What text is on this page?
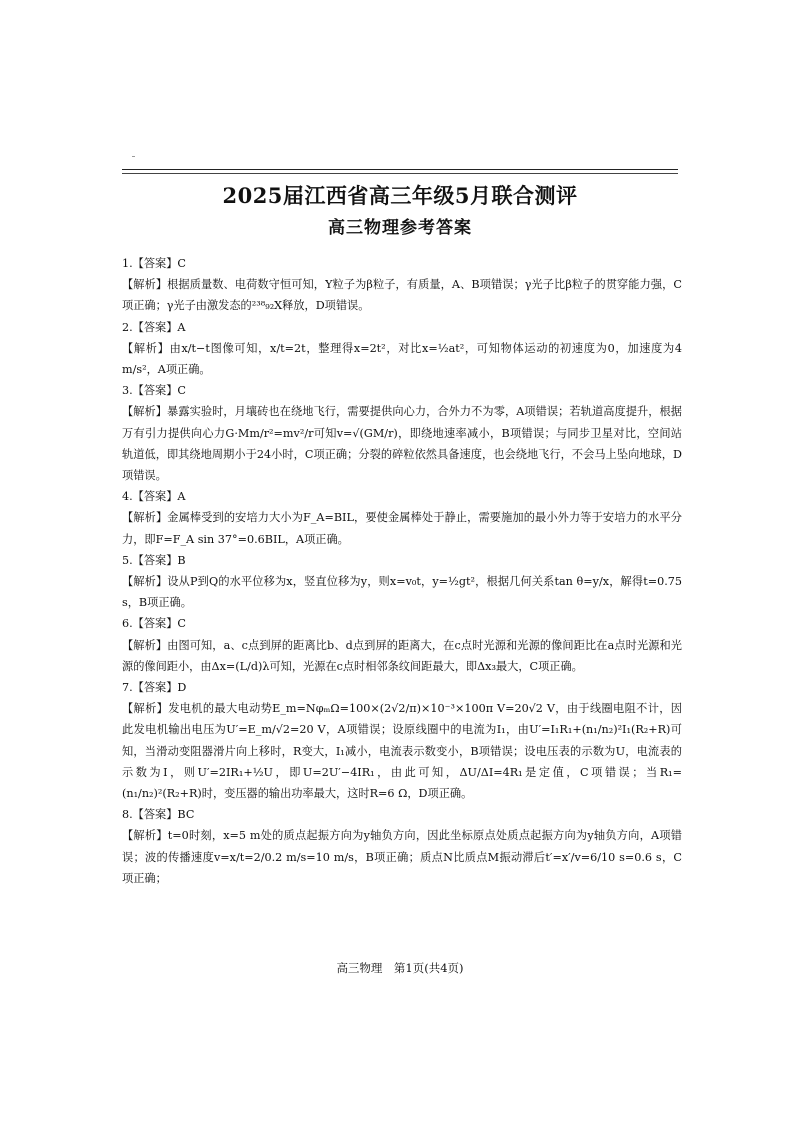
2025届江西省高三年级5月联合测评
高三物理参考答案
1.【答案】C
【解析】根据质量数、电荷数守恒可知，Y粒子为β粒子，有质量，A、B项错误；γ光子比β粒子的贯穿能力强，C项正确；γ光子由激发态的²³⁸₉₂X释放，D项错误。
2.【答案】A
【解析】由x/t−t图像可知，x/t=2t，整理得x=2t²，对比x=½at²，可知物体运动的初速度为0，加速度为4 m/s²，A项正确。
3.【答案】C
【解析】暴露实验时，月壤砖也在绕地飞行，需要提供向心力，合外力不为零，A项错误；若轨道高度提升，根据万有引力提供向心力G·Mm/r²=mv²/r可知v=√(GM/r)，即绕地速率减小，B项错误；与同步卫星对比，空间站轨道低，即其绕地周期小于24小时，C项正确；分裂的碎粒依然具备速度，也会绕地飞行，不会马上坠向地球，D项错误。
4.【答案】A
【解析】金属棒受到的安培力大小为F_A=BIL，要使金属棒处于静止，需要施加的最小外力等于安培力的水平分力，即F=F_A sin 37°=0.6BIL，A项正确。
5.【答案】B
【解析】设从P到Q的水平位移为x，竖直位移为y，则x=v₀t，y=½gt²，根据几何关系tan θ=y/x，解得t=0.75 s，B项正确。
6.【答案】C
【解析】由图可知，a、c点到屏的距离比b、d点到屏的距离大，在c点时光源和光源的像间距比在a点时光源和光源的像间距小，由Δx=(L/d)λ可知，光源在c点时相邻条纹间距最大，即Δx₃最大，C项正确。
7.【答案】D
【解析】发电机的最大电动势E_m=NφₘΩ=100×(2√2/π)×10⁻³×100π V=20√2 V，由于线圈电阻不计，因此发电机输出电压为U′=E_m/√2=20 V，A项错误；设原线圈中的电流为I₁，由U′=I₁R₁+(n₁/n₂)²I₁(R₂+R)可知，当滑动变阻器滑片向上移时，R变大，I₁减小，电流表示数变小，B项错误；设电压表的示数为U，电流表的示数为I，则U′=2IR₁+½U，即U=2U′−4IR₁，由此可知，ΔU/ΔI=4R₁是定值，C项错误；当R₁=(n₁/n₂)²(R₂+R)时，变压器的输出功率最大，这时R=6 Ω，D项正确。
8.【答案】BC
【解析】t=0时刻，x=5 m处的质点起振方向为y轴负方向，因此坐标原点处质点起振方向为y轴负方向，A项错误；波的传播速度v=x/t=2/0.2 m/s=10 m/s，B项正确；质点N比质点M振动滞后t′=x′/v=6/10 s=0.6 s，C项正确；
高三物理　第1页(共4页)
